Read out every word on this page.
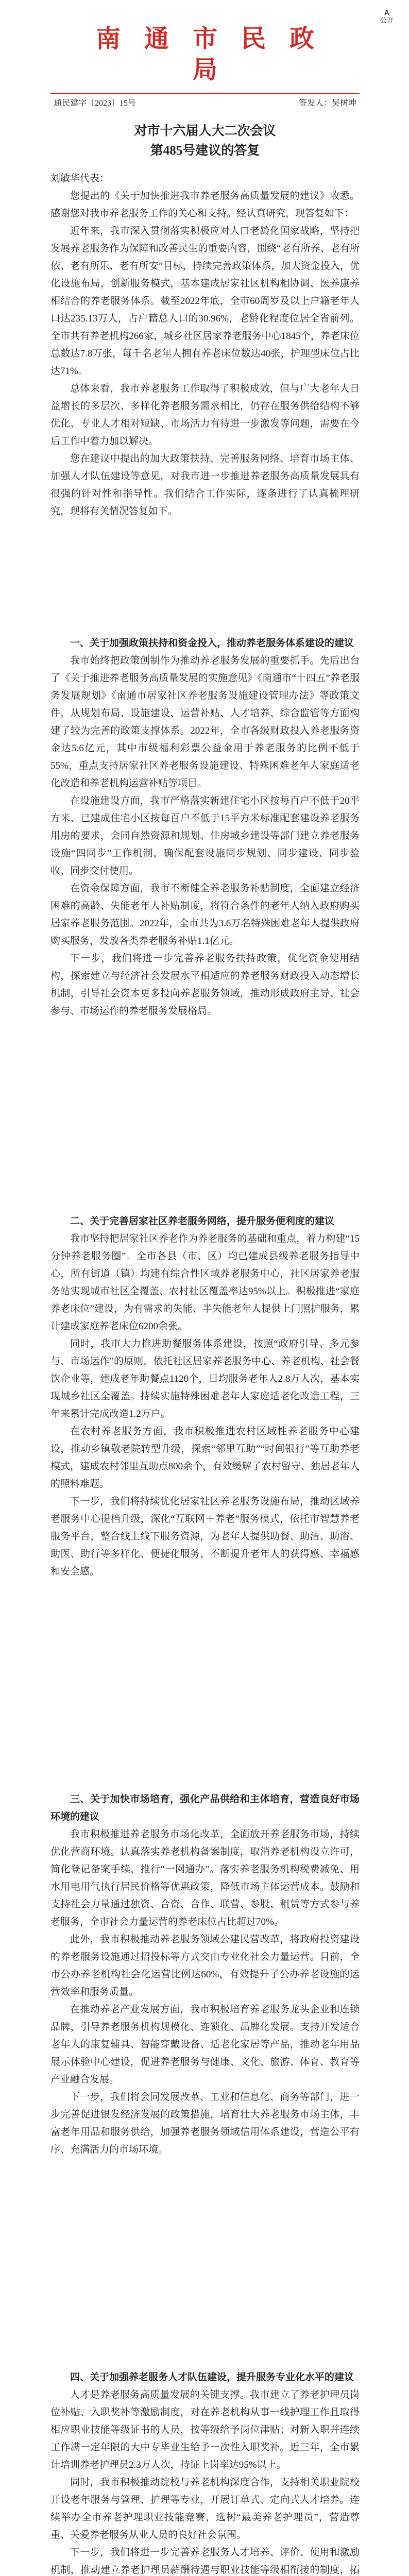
A
公开
南通市民政局
通民建字〔2023〕15号	签发人：吴树坤
对市十六届人大二次会议
第485号建议的答复
刘敏华代表：

您提出的《关于加快推进我市养老服务高质量发展的建议》收悉。感谢您对我市养老服务工作的关心和支持。经认真研究，现答复如下：

近年来，我市深入贯彻落实积极应对人口老龄化国家战略，坚持把发展养老服务作为保障和改善民生的重要内容，围绕“老有所养、老有所依、老有所乐、老有所安”目标，持续完善政策体系，加大资金投入，优化设施布局，创新服务模式，基本建成居家社区机构相协调、医养康养相结合的养老服务体系。截至2022年底，全市60周岁及以上户籍老年人口达235.13万人，占户籍总人口的30.96%，老龄化程度位居全省前列。全市共有养老机构266家，城乡社区居家养老服务中心1845个，养老床位总数达7.8万张，每千名老年人拥有养老床位数达40张，护理型床位占比达71%。

总体来看，我市养老服务工作取得了积极成效，但与广大老年人日益增长的多层次、多样化养老服务需求相比，仍存在服务供给结构不够优化、专业人才相对短缺、市场活力有待进一步激发等问题，需要在今后工作中着力加以解决。

您在建议中提出的加大政策扶持、完善服务网络、培育市场主体、加强人才队伍建设等意见，对我市进一步推进养老服务高质量发展具有很强的针对性和指导性。我们结合工作实际，逐条进行了认真梳理研究，现将有关情况答复如下。

一、关于加强政策扶持和资金投入，推动养老服务体系建设的建议

我市始终把政策创制作为推动养老服务发展的重要抓手。先后出台了《关于推进养老服务高质量发展的实施意见》《南通市“十四五”养老服务发展规划》《南通市居家社区养老服务设施建设管理办法》等政策文件，从规划布局、设施建设、运营补贴、人才培养、综合监管等方面构建了较为完善的政策支撑体系。2022年，全市各级财政投入养老服务资金达5.6亿元，其中市级福利彩票公益金用于养老服务的比例不低于55%，重点支持居家社区养老服务设施建设、特殊困难老年人家庭适老化改造和养老机构运营补贴等项目。

在设施建设方面，我市严格落实新建住宅小区按每百户不低于20平方米、已建成住宅小区按每百户不低于15平方米标准配套建设养老服务用房的要求，会同自然资源和规划、住房城乡建设等部门建立养老服务设施“四同步”工作机制，确保配套设施同步规划、同步建设、同步验收、同步交付使用。

在资金保障方面，我市不断健全养老服务补贴制度，全面建立经济困难的高龄、失能老年人补贴制度，将符合条件的老年人纳入政府购买居家养老服务范围。2022年，全市共为3.6万名特殊困难老年人提供政府购买服务，发放各类养老服务补贴1.1亿元。

下一步，我们将进一步完善养老服务扶持政策，优化资金使用结构，探索建立与经济社会发展水平相适应的养老服务财政投入动态增长机制，引导社会资本更多投向养老服务领域，推动形成政府主导、社会参与、市场运作的养老服务发展格局。

二、关于完善居家社区养老服务网络，提升服务便利度的建议

我市坚持把居家社区养老作为养老服务的基础和重点，着力构建“15分钟养老服务圈”。全市各县（市、区）均已建成县级养老服务指导中心，所有街道（镇）均建有综合性区域养老服务中心，社区居家养老服务站实现城市社区全覆盖、农村社区覆盖率达95%以上。积极推进“家庭养老床位”建设，为有需求的失能、半失能老年人提供上门照护服务，累计建成家庭养老床位6200余张。

同时，我市大力推进助餐服务体系建设，按照“政府引导、多元参与、市场运作”的原则，依托社区居家养老服务中心、养老机构、社会餐饮企业等，建成老年助餐点1120个，日均服务老年人2.8万人次，基本实现城乡社区全覆盖。持续实施特殊困难老年人家庭适老化改造工程，三年来累计完成改造1.2万户。

在农村养老服务方面，我市积极推进农村区域性养老服务中心建设，推动乡镇敬老院转型升级，探索“邻里互助”“时间银行”等互助养老模式，建成农村邻里互助点800余个，有效缓解了农村留守、独居老年人的照料难题。

下一步，我们将持续优化居家社区养老服务设施布局，推动区域养老服务中心提档升级，深化“互联网＋养老”服务模式，依托市智慧养老服务平台，整合线上线下服务资源，为老年人提供助餐、助洁、助浴、助医、助行等多样化、便捷化服务，不断提升老年人的获得感、幸福感和安全感。

三、关于加快市场培育，强化产品供给和主体培育，营造良好市场环境的建议

我市积极推进养老服务市场化改革，全面放开养老服务市场，持续优化营商环境。认真落实养老机构备案制度，取消养老机构设立许可，简化登记备案手续，推行“一网通办”。落实养老服务机构税费减免、用水用电用气执行居民价格等优惠政策，降低市场主体运营成本。鼓励和支持社会力量通过独资、合资、合作、联营、参股、租赁等方式参与养老服务，全市社会力量运营的养老床位占比超过70%。

此外，我市积极推动养老服务领域公建民营改革，将政府投资建设的养老服务设施通过招投标等方式交由专业化社会力量运营。目前，全市公办养老机构社会化运营比例达60%，有效提升了公办养老设施的运营效率和服务质量。

在推动养老产业发展方面，我市积极培育养老服务龙头企业和连锁品牌，引导养老服务机构规模化、连锁化、品牌化发展。支持开发适合老年人的康复辅具、智能穿戴设备、适老化家居等产品，推动老年用品展示体验中心建设，促进养老服务与健康、文化、旅游、体育、教育等产业融合发展。

下一步，我们将会同发展改革、工业和信息化、商务等部门，进一步完善促进银发经济发展的政策措施，培育壮大养老服务市场主体，丰富老年用品和服务供给，加强养老服务领域信用体系建设，营造公平有序、充满活力的市场环境。

四、关于加强养老服务人才队伍建设，提升服务专业化水平的建议

人才是养老服务高质量发展的关键支撑。我市建立了养老护理员岗位补贴、入职奖补等激励制度，对在养老机构从事一线护理工作且取得相应职业技能等级证书的人员，按等级给予岗位津贴；对新入职并连续工作满一定年限的大中专毕业生给予一次性入职奖补。近三年，全市累计培训养老护理员2.3万人次，持证上岗率达95%以上。

同时，我市积极推动院校与养老机构深度合作，支持相关职业院校开设老年服务与管理、护理等专业，开展订单式、定向式人才培养。连续举办全市养老护理职业技能竞赛，选树“最美养老护理员”，营造尊重、关爱养老服务从业人员的良好社会氛围。

下一步，我们将进一步完善养老服务人才培养、评价、使用和激励机制，推动建立养老护理员薪酬待遇与职业技能等级相衔接的制度，拓
